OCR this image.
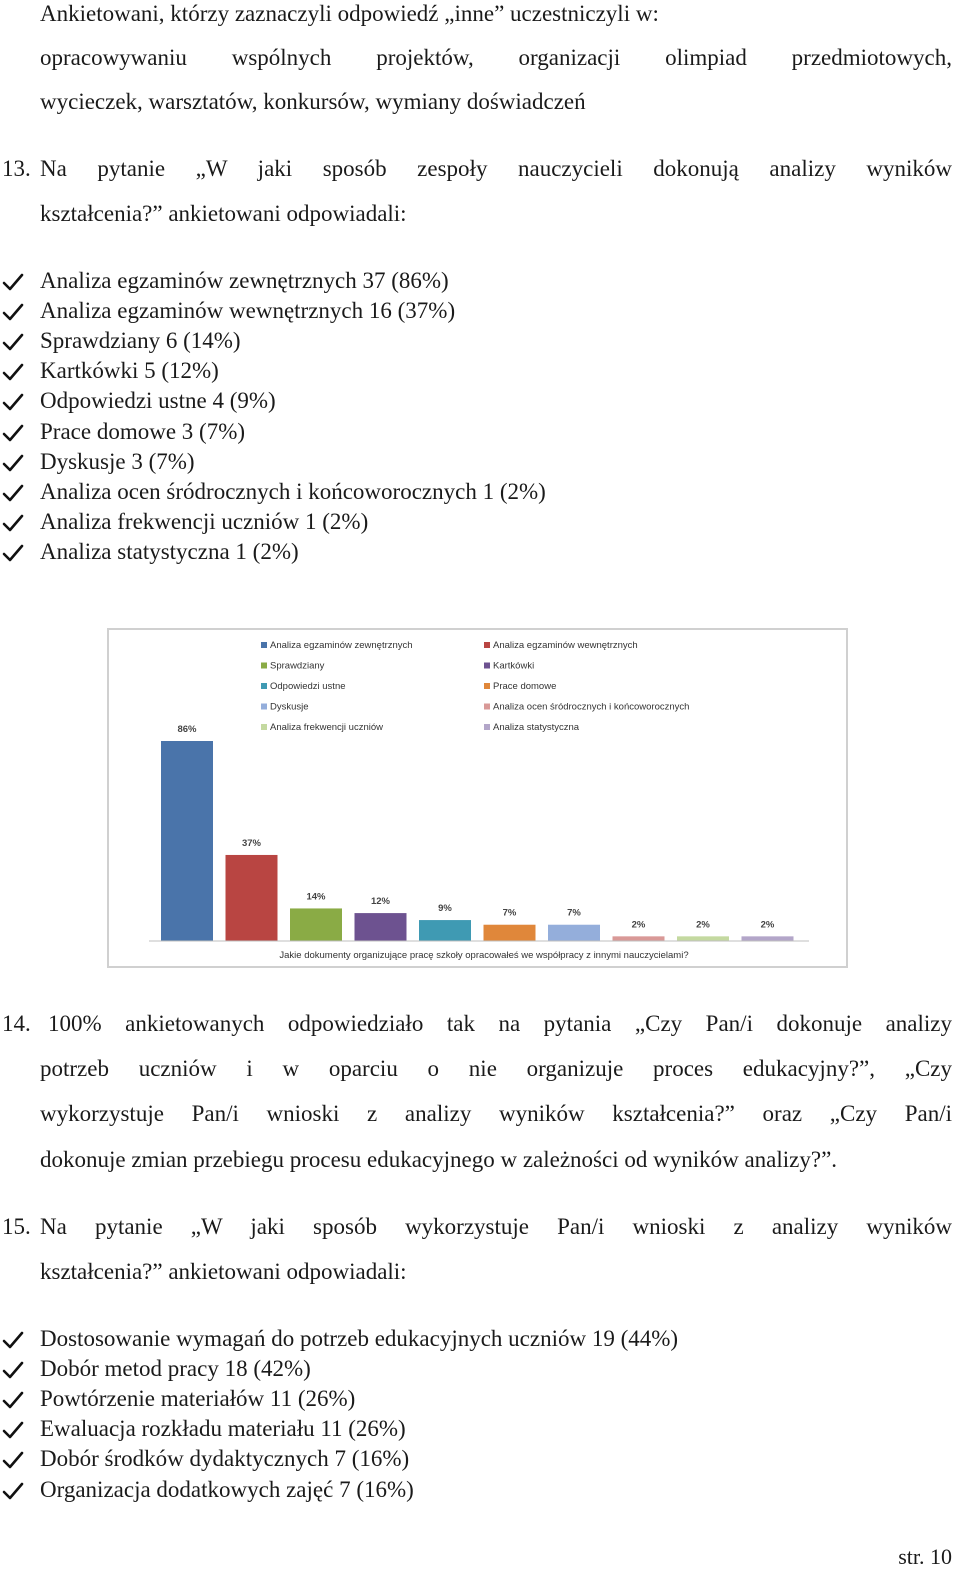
Ankietowani, którzy zaznaczyli odpowiedź „inne” uczestniczyli w:
opracowywaniu wspólnych projektów, organizacji olimpiad przedmiotowych,
wycieczek, warsztatów, konkursów, wymiany doświadczeń
13. Na pytanie „W jaki sposób zespoły nauczycieli dokonują analizy wyników
kształcenia?” ankietowani odpowiadali:
Analiza egzaminów zewnętrznych 37 (86%)
Analiza egzaminów wewnętrznych 16 (37%)
Sprawdziany 6 (14%)
Kartkówki 5 (12%)
Odpowiedzi ustne 4 (9%)
Prace domowe 3 (7%)
Dyskusje 3 (7%)
Analiza ocen śródrocznych i końcoworocznych 1 (2%)
Analiza frekwencji uczniów 1 (2%)
Analiza statystyczna 1 (2%)
Analiza egzaminów zewnętrznych	Analiza egzaminów wewnętrznych
Sprawdziany	Kartkówki
Odpowiedzi ustne	Prace domowe
Dyskusje	Analiza ocen śródrocznych i końcoworocznych
Analiza frekwencji uczniów	Analiza statystyczna
86%
37%
14%	12%
9%	7%	7%
2%	2%	2%
Jakie dokumenty organizujące pracę szkoły opracowałeś we współpracy z innymi nauczycielami?
14. 100% ankietowanych odpowiedziało tak na pytania „Czy Pan/i dokonuje analizy
potrzeb uczniów i w oparciu o nie organizuje proces edukacyjny?”, „Czy
wykorzystuje Pan/i wnioski z analizy wyników kształcenia?” oraz „Czy Pan/i
dokonuje zmian przebiegu procesu edukacyjnego w zależności od wyników analizy?”.
15. Na pytanie „W jaki sposób wykorzystuje Pan/i wnioski z analizy wyników
kształcenia?” ankietowani odpowiadali:
Dostosowanie wymagań do potrzeb edukacyjnych uczniów 19 (44%)
Dobór metod pracy 18 (42%)
Powtórzenie materiałów 11 (26%)
Ewaluacja rozkładu materiału 11 (26%)
Dobór środków dydaktycznych 7 (16%)
Organizacja dodatkowych zajęć 7 (16%)
str. 10
